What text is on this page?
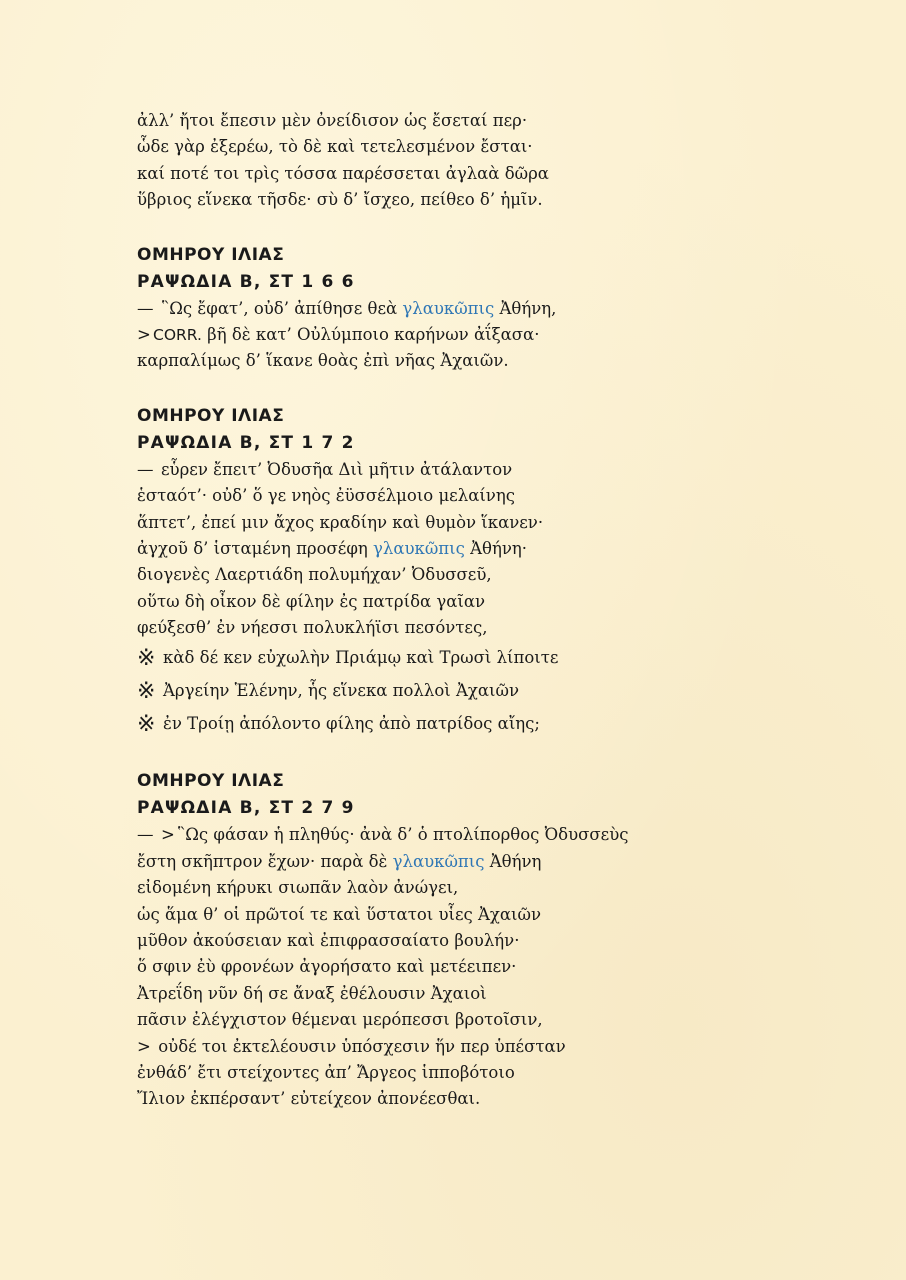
ἀλλ’ ἤτοι ἔπεσιν μὲν ὀνείδισον ὡς ἔσεταί περ·
ὧδε γὰρ ἐξερέω, τὸ δὲ καὶ τετελεσμένον ἔσται·
καί ποτέ τοι τρὶς τόσσα παρέσσεται ἀγλαὰ δῶρα
ὕβριος εἵνεκα τῆσδε· σὺ δ’ ἴσχεο, πείθεο δ’ ἡμῖν.
ΟΜΗΡΟΥ ΙΛΙΑΣ
ΡΑΨΩΔΙΑ Β, ΣΤ 1 6 6
— ῝Ως ἔφατ’, οὐδ’ ἀπίθησε θεὰ γλαυκῶπις Ἀθήνη,
> CORR. βῆ δὲ κατ’ Οὐλύμποιο καρήνων ἀΐξασα·
καρπαλίμως δ’ ἵκανε θοὰς ἐπὶ νῆας Ἀχαιῶν.
ΟΜΗΡΟΥ ΙΛΙΑΣ
ΡΑΨΩΔΙΑ Β, ΣΤ 1 7 2
— εὗρεν ἔπειτ’ Ὀδυσῆα Διὶ μῆτιν ἀτάλαντον
ἑσταότ’· οὐδ’ ὅ γε νηὸς ἐϋσσέλμοιο μελαίνης
ἅπτετ’, ἐπεί μιν ἄχος κραδίην καὶ θυμὸν ἵκανεν·
ἀγχοῦ δ’ ἱσταμένη προσέφη γλαυκῶπις Ἀθήνη·
διογενὲς Λαερτιάδη πολυμήχαν’ Ὀδυσσεῦ,
οὕτω δὴ οἶκον δὲ φίλην ἐς πατρίδα γαῖαν
φεύξεσθ’ ἐν νήεσσι πολυκλήϊσι πεσόντες,
※ κὰδ δέ κεν εὐχωλὴν Πριάμῳ καὶ Τρωσὶ λίποιτε
※ Ἀργείην Ἑλένην, ἧς εἵνεκα πολλοὶ Ἀχαιῶν
※ ἐν Τροίῃ ἀπόλοντο φίλης ἀπὸ πατρίδος αἴης;
ΟΜΗΡΟΥ ΙΛΙΑΣ
ΡΑΨΩΔΙΑ Β, ΣΤ 2 7 9
— > ῝Ως φάσαν ἡ πληθύς· ἀνὰ δ’ ὁ πτολίπορθος Ὀδυσσεὺς
ἔστη σκῆπτρον ἔχων· παρὰ δὲ γλαυκῶπις Ἀθήνη
εἰδομένη κήρυκι σιωπᾶν λαὸν ἀνώγει,
ὡς ἅμα θ’ οἱ πρῶτοί τε καὶ ὕστατοι υἷες Ἀχαιῶν
μῦθον ἀκούσειαν καὶ ἐπιφρασσαίατο βουλήν·
ὅ σφιν ἐὺ φρονέων ἀγορήσατο καὶ μετέειπεν·
Ἀτρεΐδη νῦν δή σε ἄναξ ἐθέλουσιν Ἀχαιοὶ
πᾶσιν ἐλέγχιστον θέμεναι μερόπεσσι βροτοῖσιν,
> οὐδέ τοι ἐκτελέουσιν ὑπόσχεσιν ἥν περ ὑπέσταν
ἐνθάδ’ ἔτι στείχοντες ἀπ’ Ἄργεος ἱπποβότοιο
Ἴλιον ἐκπέρσαντ’ εὐτείχεον ἀπονέεσθαι.
